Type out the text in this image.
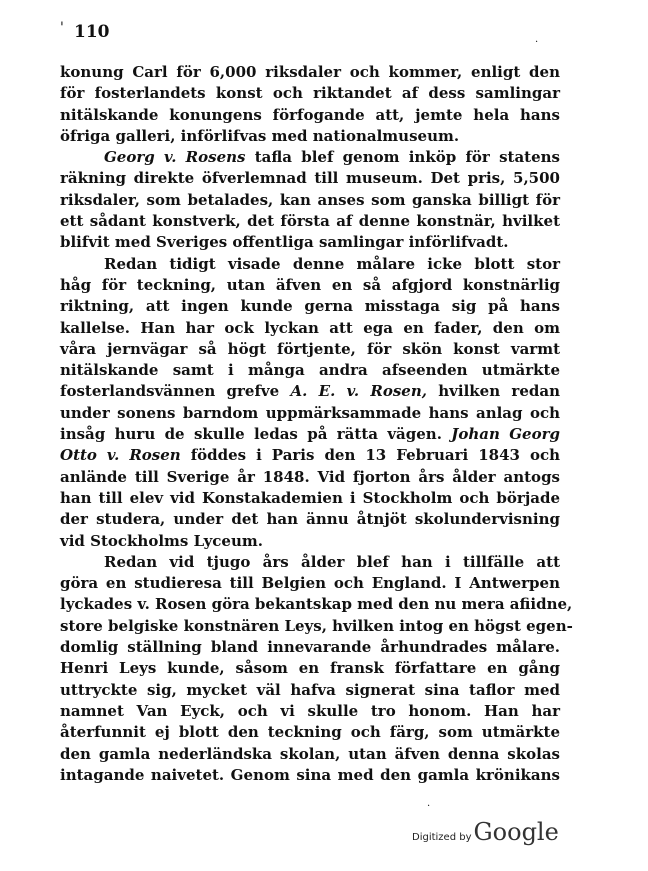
' 110	.
konung Carl för 6,000 riksdaler och kommer, enligt den
för fosterlandets konst och riktandet af dess samlingar
nitälskande konungens förfogande att, jemte hela hans
öfriga galleri, införlifvas med nationalmuseum.
Georg v. Rosens tafla blef genom inköp för statens
räkning direkte öfverlemnad till museum. Det pris, 5,500
riksdaler, som betalades, kan anses som ganska billigt för
ett sådant konstverk, det första af denne konstnär, hvilket
blifvit med Sveriges offentliga samlingar införlifvadt.
Redan tidigt visade denne målare icke blott stor
håg för teckning, utan äfven en så afgjord konstnärlig
riktning, att ingen kunde gerna misstaga sig på hans
kallelse. Han har ock lyckan att ega en fader, den om
våra jernvägar så högt förtjente, för skön konst varmt
nitälskande samt i många andra afseenden utmärkte
fosterlandsvännen grefve A. E. v. Rosen, hvilken redan
under sonens barndom uppmärksammade hans anlag och
insåg huru de skulle ledas på rätta vägen. Johan Georg
Otto v. Rosen föddes i Paris den 13 Februari 1843 och
anlände till Sverige år 1848. Vid fjorton års ålder antogs
han till elev vid Konstakademien i Stockholm och började
der studera, under det han ännu åtnjöt skolundervisning
vid Stockholms Lyceum.
Redan vid tjugo års ålder blef han i tillfälle att
göra en studieresa till Belgien och England. I Antwerpen
lyckades v. Rosen göra bekantskap med den nu mera afiidne,
store belgiske konstnären Leys, hvilken intog en högst egen-
domlig ställning bland innevarande århundrades målare.
Henri Leys kunde, såsom en fransk författare en gång
uttryckte sig, mycket väl hafva signerat sina taflor med
namnet Van Eyck, och vi skulle tro honom. Han har
återfunnit ej blott den teckning och färg, som utmärkte
den gamla nederländska skolan, utan äfven denna skolas
intagande naivetet. Genom sina med den gamla krönikans
.
Digitized byGoogle
